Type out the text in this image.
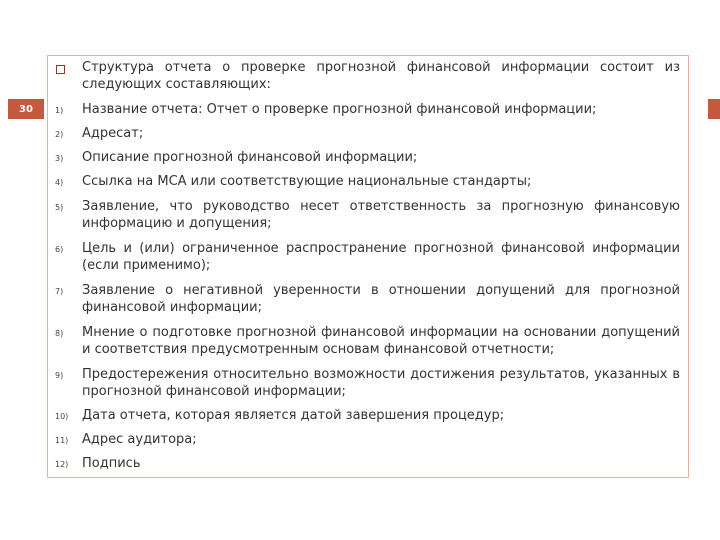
30
Структура отчета о проверке прогнозной финансовой информации состоит из следующих составляющих:
1)	Название отчета: Отчет о проверке прогнозной финансовой информации;
2)	Адресат;
3)	Описание прогнозной финансовой информации;
4)	Ссылка на МСА или соответствующие национальные стандарты;
5)	Заявление, что руководство несет ответственность за прогнозную финансовую информацию и допущения;
6)	Цель и (или) ограниченное распространение прогнозной финансовой информации (если применимо);
7)	Заявление о негативной уверенности в отношении допущений для прогнозной финансовой информации;
8)	Мнение о подготовке прогнозной финансовой информации на основании допущений и соответствия предусмотренным основам финансовой отчетности;
9)	Предостережения относительно возможности достижения результатов, указанных в прогнозной финансовой информации;
10)	Дата отчета, которая является датой завершения процедур;
11)	Адрес аудитора;
12)	Подпись
